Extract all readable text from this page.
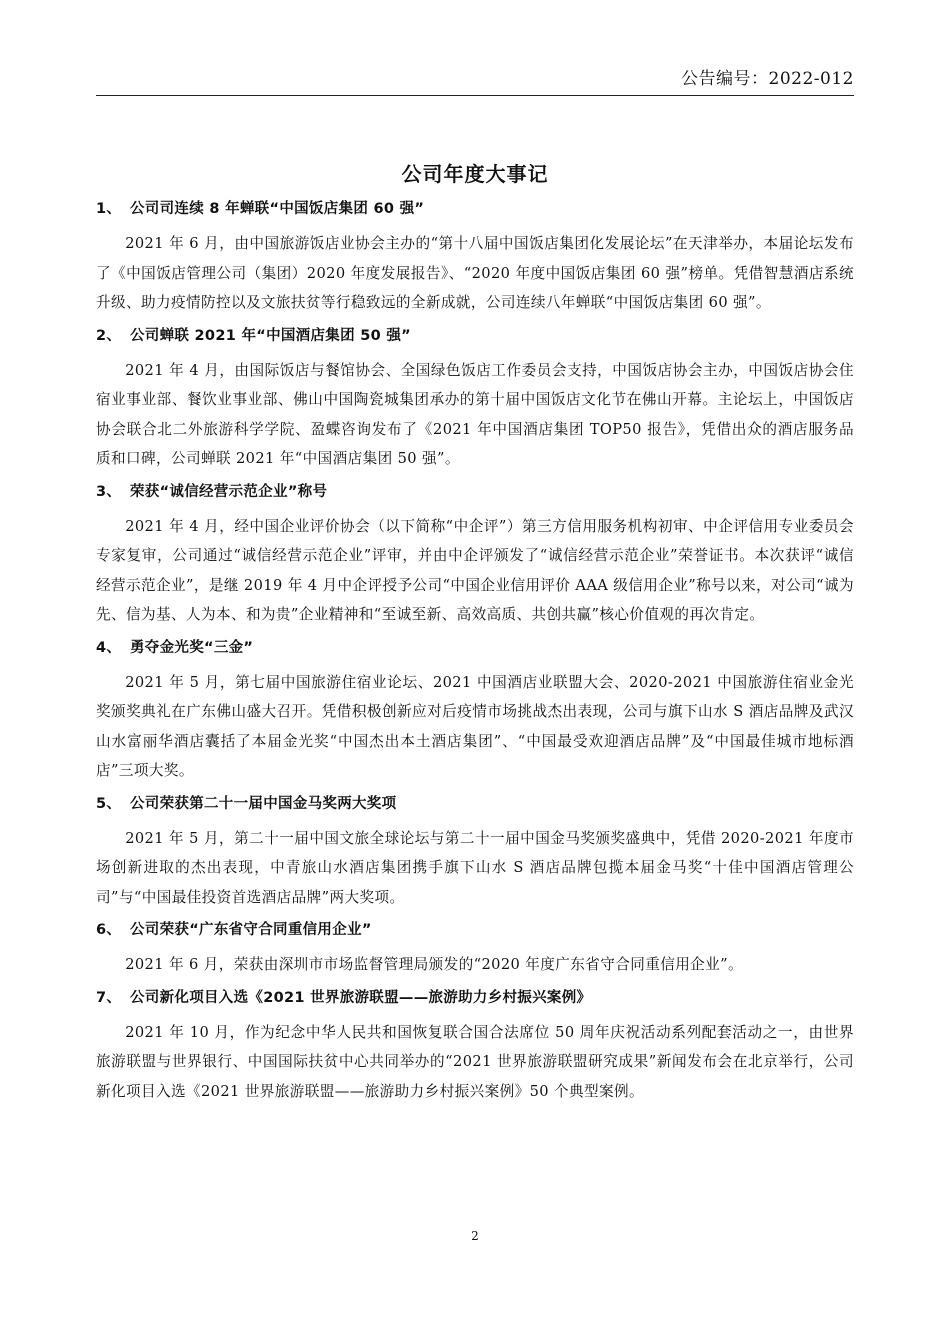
公告编号：2022-012
公司年度大事记
1、 公司司连续 8 年蝉联“中国饭店集团 60 强”

2021 年 6 月，由中国旅游饭店业协会主办的“第十八届中国饭店集团化发展论坛”在天津举办，本届论坛发布了《中国饭店管理公司（集团）2020 年度发展报告》、“2020 年度中国饭店集团 60 强”榜单。凭借智慧酒店系统升级、助力疫情防控以及文旅扶贫等行稳致远的全新成就，公司连续八年蝉联“中国饭店集团 60 强”。

2、 公司蝉联 2021 年“中国酒店集团 50 强”

2021 年 4 月，由国际饭店与餐馆协会、全国绿色饭店工作委员会支持，中国饭店协会主办，中国饭店协会住宿业事业部、餐饮业事业部、佛山中国陶瓷城集团承办的第十届中国饭店文化节在佛山开幕。主论坛上，中国饭店协会联合北二外旅游科学学院、盈蝶咨询发布了《2021 年中国酒店集团 TOP50 报告》，凭借出众的酒店服务品质和口碑，公司蝉联 2021 年“中国酒店集团 50 强”。

3、 荣获“诚信经营示范企业”称号

2021 年 4 月，经中国企业评价协会（以下简称“中企评”）第三方信用服务机构初审、中企评信用专业委员会专家复审，公司通过“诚信经营示范企业”评审，并由中企评颁发了“诚信经营示范企业”荣誉证书。本次获评“诚信经营示范企业”，是继 2019 年 4 月中企评授予公司“中国企业信用评价 AAA 级信用企业”称号以来，对公司“诚为先、信为基、人为本、和为贵”企业精神和“至诚至新、高效高质、共创共赢”核心价值观的再次肯定。

4、 勇夺金光奖“三金”

2021 年 5 月，第七届中国旅游住宿业论坛、2021 中国酒店业联盟大会、2020-2021 中国旅游住宿业金光奖颁奖典礼在广东佛山盛大召开。凭借积极创新应对后疫情市场挑战杰出表现，公司与旗下山水 S 酒店品牌及武汉山水富丽华酒店囊括了本届金光奖“中国杰出本土酒店集团”、“中国最受欢迎酒店品牌”及“中国最佳城市地标酒店”三项大奖。

5、 公司荣获第二十一届中国金马奖两大奖项

2021 年 5 月，第二十一届中国文旅全球论坛与第二十一届中国金马奖颁奖盛典中，凭借 2020-2021 年度市场创新进取的杰出表现，中青旅山水酒店集团携手旗下山水 S 酒店品牌包揽本届金马奖“十佳中国酒店管理公司”与“中国最佳投资首选酒店品牌”两大奖项。

6、 公司荣获“广东省守合同重信用企业”

2021 年 6 月，荣获由深圳市市场监督管理局颁发的“2020 年度广东省守合同重信用企业”。

7、 公司新化项目入选《2021 世界旅游联盟——旅游助力乡村振兴案例》

2021 年 10 月，作为纪念中华人民共和国恢复联合国合法席位 50 周年庆祝活动系列配套活动之一，由世界旅游联盟与世界银行、中国国际扶贫中心共同举办的“2021 世界旅游联盟研究成果”新闻发布会在北京举行，公司新化项目入选《2021 世界旅游联盟——旅游助力乡村振兴案例》50 个典型案例。

2
